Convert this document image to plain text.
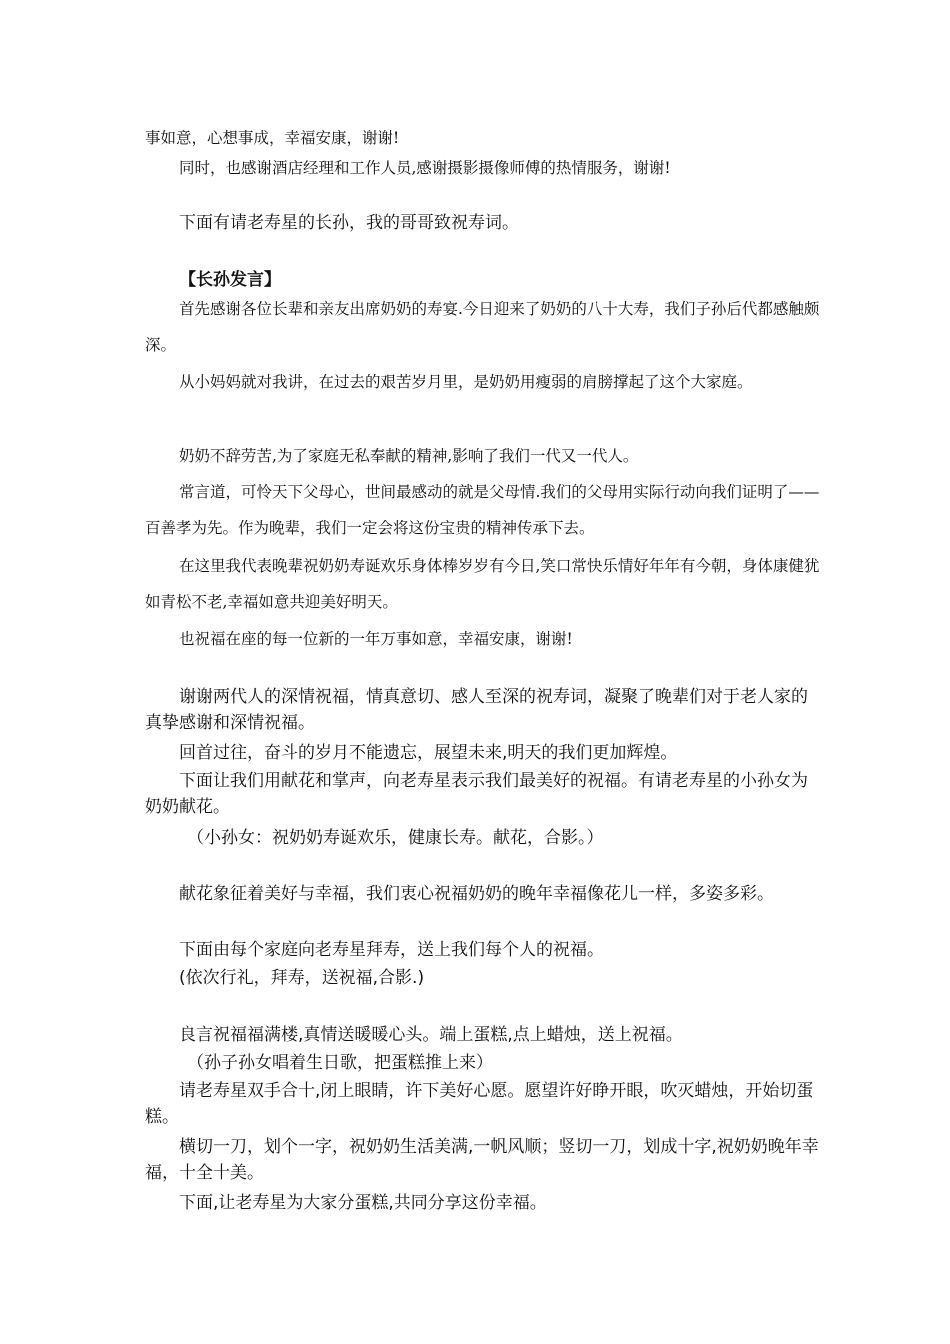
事如意，心想事成，幸福安康，谢谢!

同时，也感谢酒店经理和工作人员,感谢摄影摄像师傅的热情服务，谢谢!

下面有请老寿星的长孙，我的哥哥致祝寿词。

【长孙发言】

首先感谢各位长辈和亲友出席奶奶的寿宴.今日迎来了奶奶的八十大寿，我们子孙后代都感触颇深。

从小妈妈就对我讲，在过去的艰苦岁月里，是奶奶用瘦弱的肩膀撑起了这个大家庭。

奶奶不辞劳苦,为了家庭无私奉献的精神,影响了我们一代又一代人。

常言道，可怜天下父母心，世间最感动的就是父母情.我们的父母用实际行动向我们证明了——百善孝为先。作为晚辈，我们一定会将这份宝贵的精神传承下去。

在这里我代表晚辈祝奶奶寿诞欢乐身体棒岁岁有今日,笑口常快乐情好年年有今朝，身体康健犹如青松不老,幸福如意共迎美好明天。

也祝福在座的每一位新的一年万事如意，幸福安康，谢谢!

谢谢两代人的深情祝福，情真意切、感人至深的祝寿词，凝聚了晚辈们对于老人家的真挚感谢和深情祝福。

回首过往，奋斗的岁月不能遗忘，展望未来,明天的我们更加辉煌。

下面让我们用献花和掌声，向老寿星表示我们最美好的祝福。有请老寿星的小孙女为奶奶献花。

（小孙女：祝奶奶寿诞欢乐，健康长寿。献花，合影。）

献花象征着美好与幸福，我们衷心祝福奶奶的晚年幸福像花儿一样，多姿多彩。

下面由每个家庭向老寿星拜寿，送上我们每个人的祝福。

(依次行礼，拜寿，送祝福,合影.)

良言祝福福满楼,真情送暖暖心头。端上蛋糕,点上蜡烛，送上祝福。

（孙子孙女唱着生日歌，把蛋糕推上来）

请老寿星双手合十,闭上眼睛，许下美好心愿。愿望许好睁开眼，吹灭蜡烛，开始切蛋糕。

横切一刀，划个一字，祝奶奶生活美满,一帆风顺；竖切一刀，划成十字,祝奶奶晚年幸福，十全十美。

下面,让老寿星为大家分蛋糕,共同分享这份幸福。
